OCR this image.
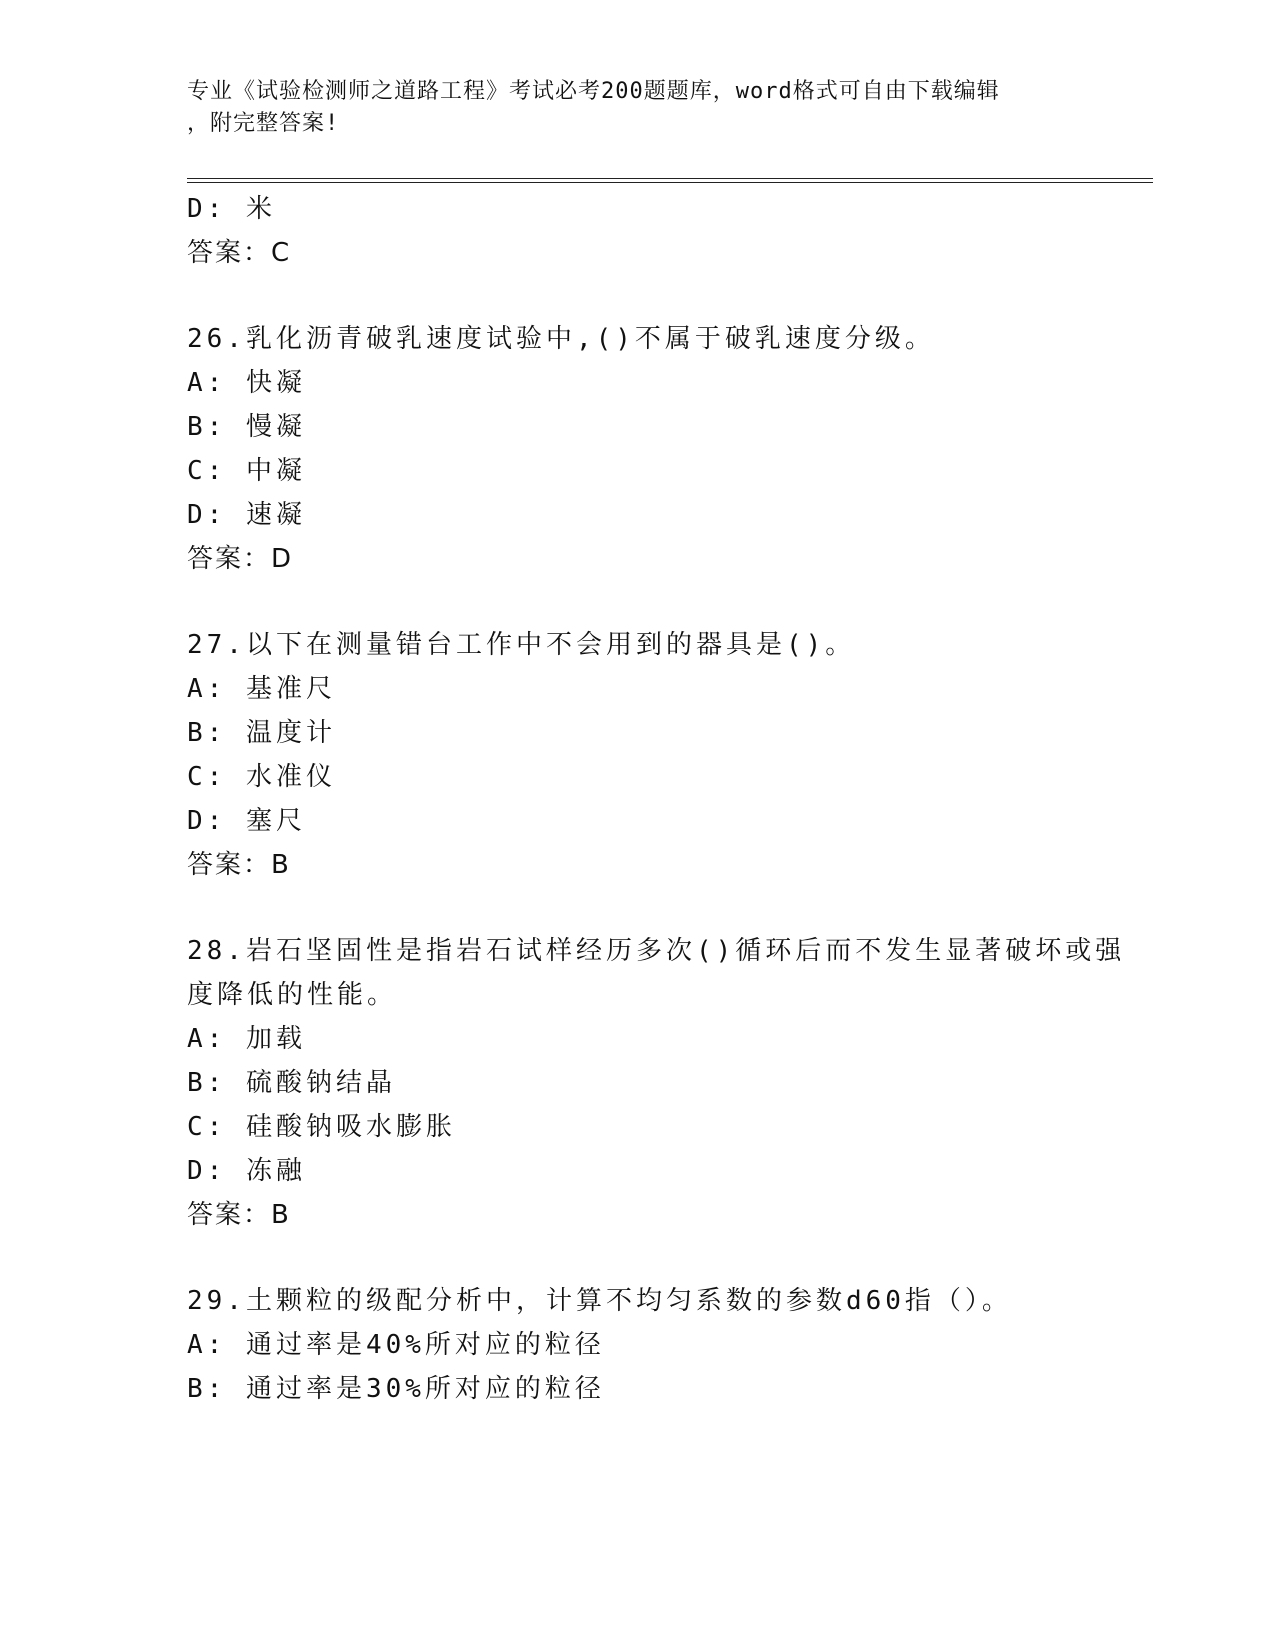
专业《试验检测师之道路工程》考试必考200题题库，word格式可自由下载编辑
，附完整答案!
D: 米
答案：C
26.乳化沥青破乳速度试验中,()不属于破乳速度分级。
A: 快凝
B: 慢凝
C: 中凝
D: 速凝
答案：D
27.以下在测量错台工作中不会用到的器具是()。
A: 基准尺
B: 温度计
C: 水准仪
D: 塞尺
答案：B
28.岩石坚固性是指岩石试样经历多次()循环后而不发生显著破坏或强
度降低的性能。
A: 加载
B: 硫酸钠结晶
C: 硅酸钠吸水膨胀
D: 冻融
答案：B
29.土颗粒的级配分析中，计算不均匀系数的参数d60指（）。
A: 通过率是40%所对应的粒径
B: 通过率是30%所对应的粒径
